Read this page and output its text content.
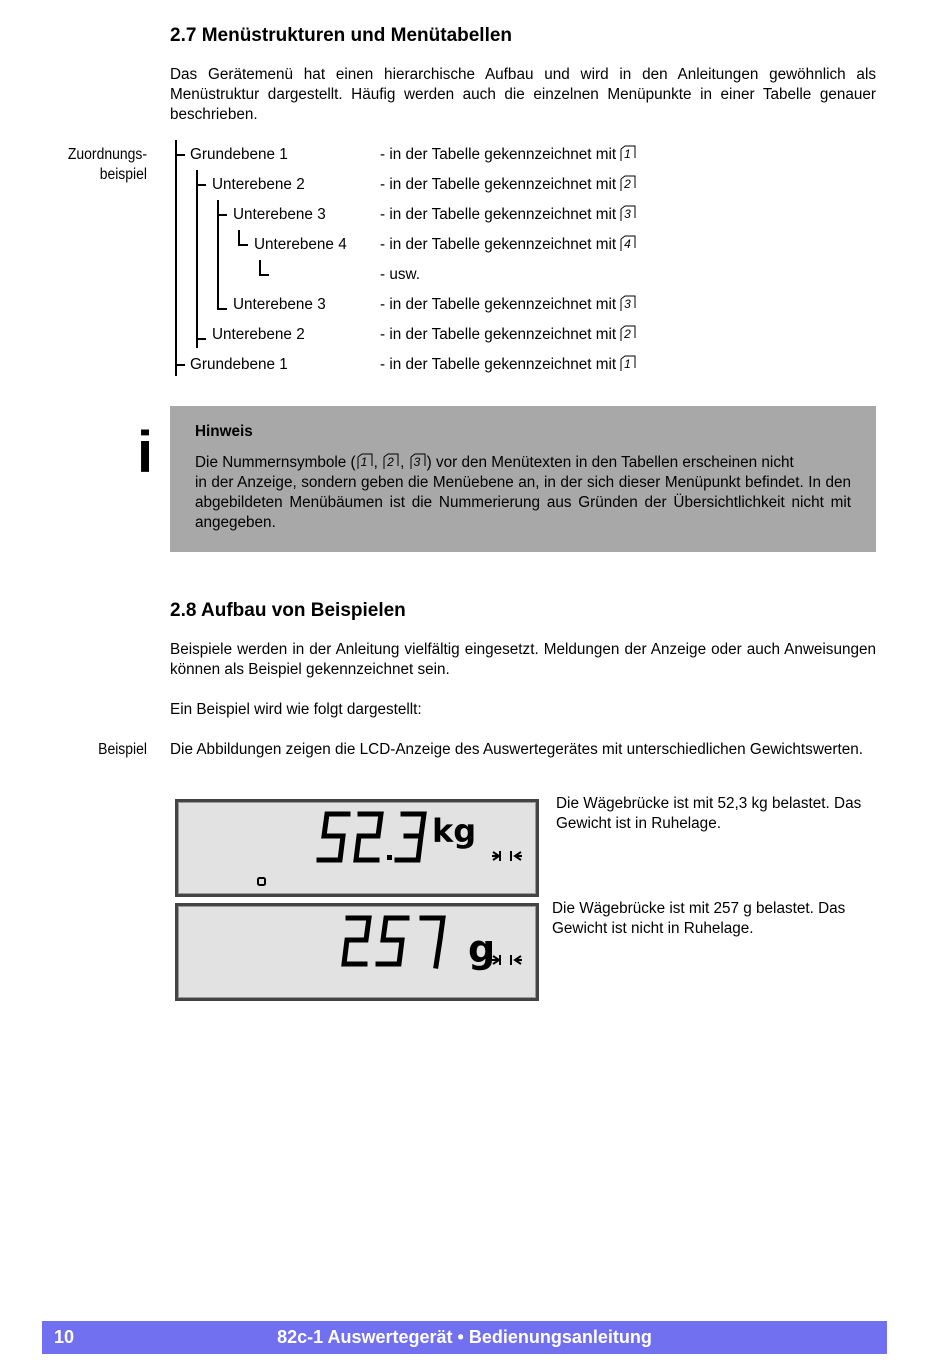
2.7 Menüstrukturen und Menütabellen
Das Gerätemenü hat einen hierarchische Aufbau und wird in den Anleitungen gewöhnlich als Menüstruktur dargestellt. Häufig werden auch die einzelnen Menüpunkte in einer Tabelle genauer beschrieben.
Zuordnungs-
beispiel
Grundebene 1
Unterebene 2
Unterebene 3
Unterebene 4
Unterebene 3
Unterebene 2
Grundebene 1
- in der Tabelle gekennzeichnet mit 1
- in der Tabelle gekennzeichnet mit 2
- in der Tabelle gekennzeichnet mit 3
- in der Tabelle gekennzeichnet mit 4
- usw.
- in der Tabelle gekennzeichnet mit 3
- in der Tabelle gekennzeichnet mit 2
- in der Tabelle gekennzeichnet mit 1
i	Hinweis
Die Nummernsymbole ( 1 , 2 , 3 ) vor den Menütexten in den Tabellen erscheinen nicht
in der Anzeige, sondern geben die Menüebene an, in der sich dieser Menüpunkt befindet. In den abgebildeten Menübäumen ist die Nummerierung aus Gründen der Übersichtlichkeit nicht mit angegeben.
2.8 Aufbau von Beispielen
Beispiele werden in der Anleitung vielfältig eingesetzt. Meldungen der Anzeige oder auch Anweisungen können als Beispiel gekennzeichnet sein.
Ein Beispiel wird wie folgt dargestellt:
Beispiel Die Abbildungen zeigen die LCD-Anzeige des Auswertegerätes mit unterschiedlichen Gewichtswerten.
kg
Die Wägebrücke ist mit 52,3 kg belastet. Das Gewicht ist in Ruhelage.
g
Die Wägebrücke ist mit 257 g belastet. Das Gewicht ist nicht in Ruhelage.
10	82c-1 Auswertegerät • Bedienungsanleitung
